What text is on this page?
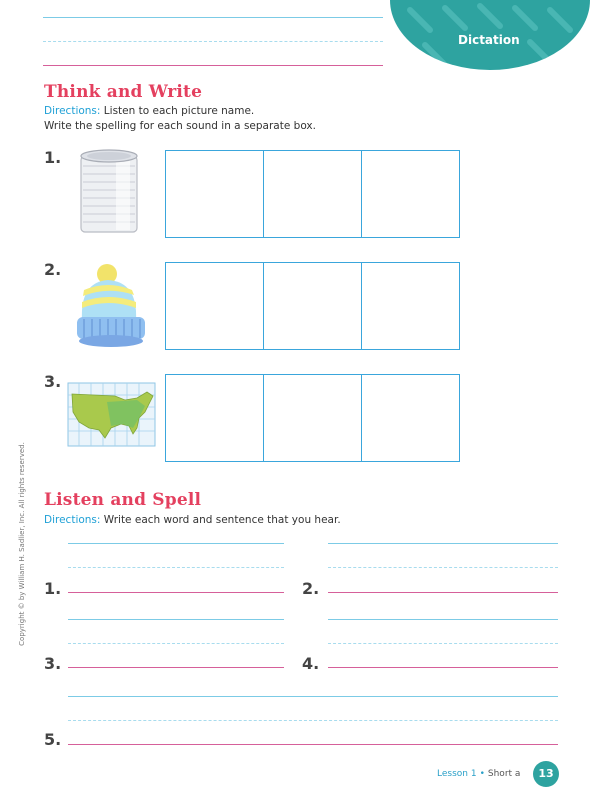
Dictation
Think and Write
Directions: Listen to each picture name.
Write the spelling for each sound in a separate box.
1.
2.
3.
Listen and Spell
Directions: Write each word and sentence that you hear.
1.	2.
3.	4.
5.
Copyright © by William H. Sadlier, Inc. All rights reserved.
Lesson 1 • Short a	13
